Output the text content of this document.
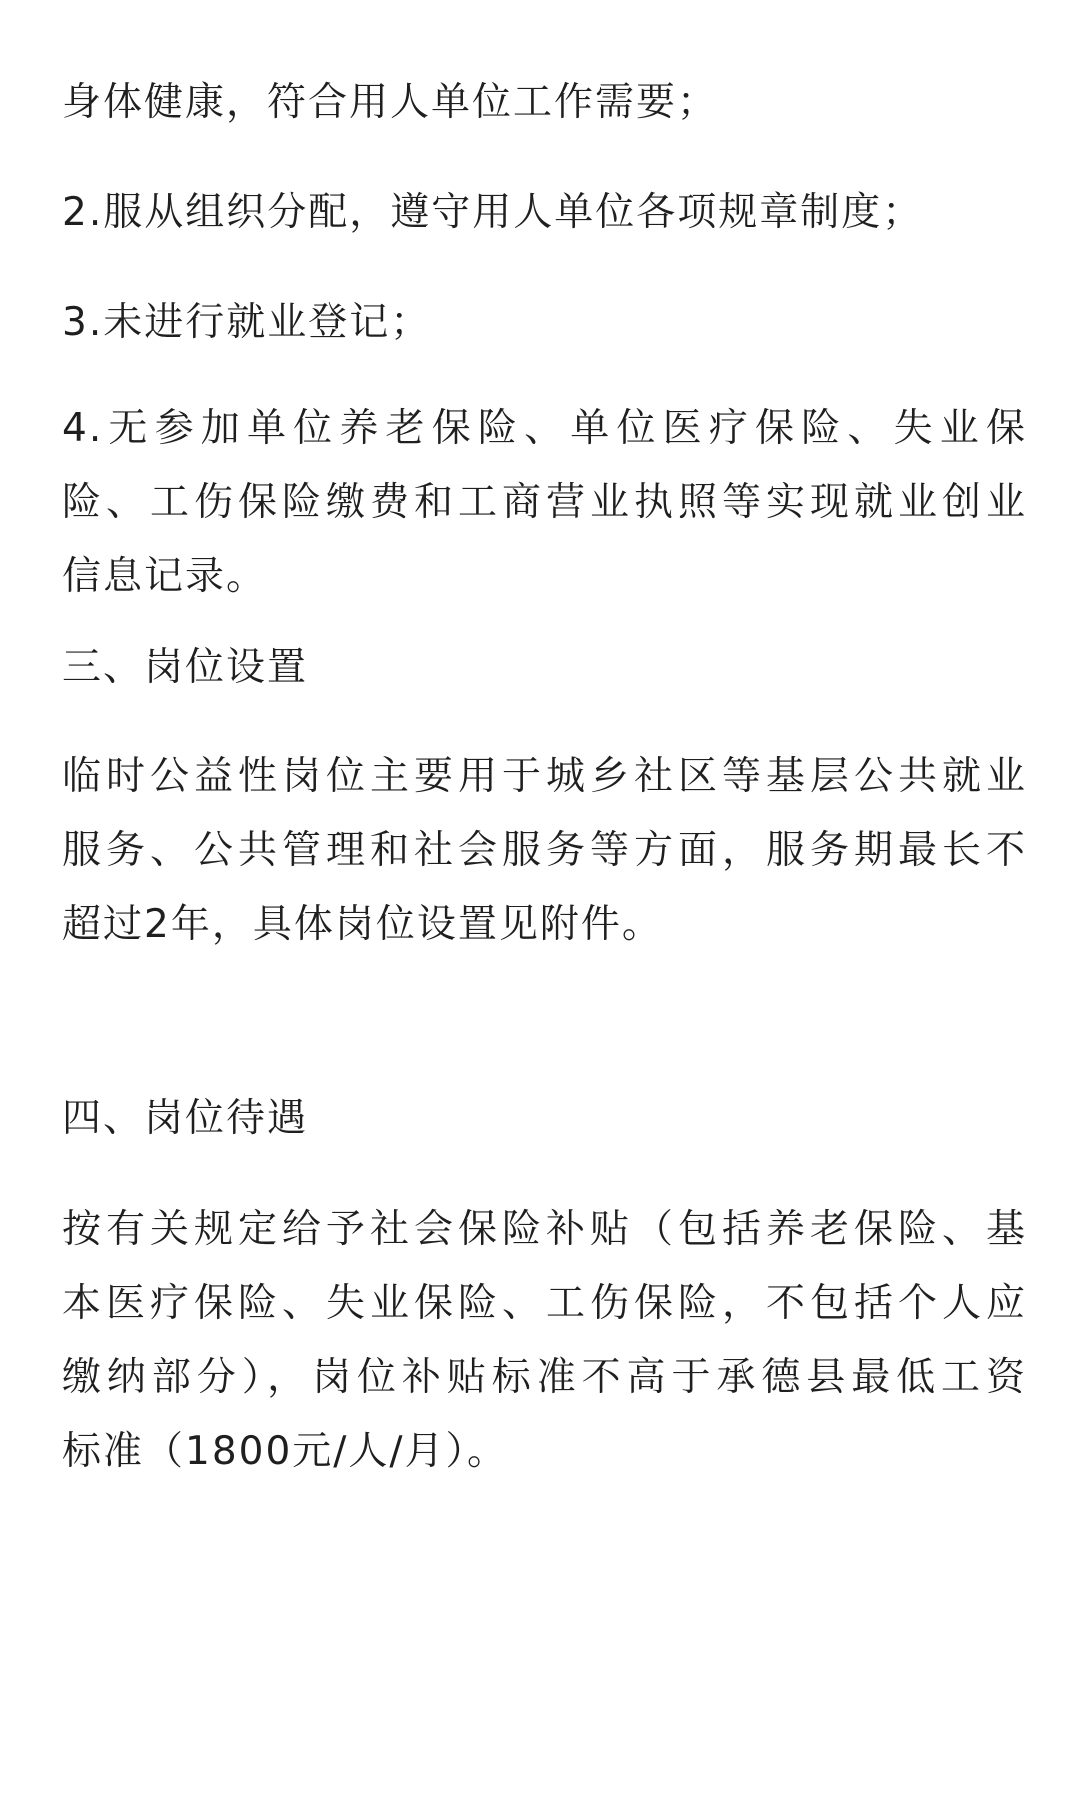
身体健康，符合用人单位工作需要；

2.服从组织分配，遵守用人单位各项规章制度；

3.未进行就业登记；

4.无参加单位养老保险、单位医疗保险、失业保
险、工伤保险缴费和工商营业执照等实现就业创业
信息记录。

三、岗位设置

临时公益性岗位主要用于城乡社区等基层公共就业
服务、公共管理和社会服务等方面，服务期最长不
超过2年，具体岗位设置见附件。

四、岗位待遇

按有关规定给予社会保险补贴（包括养老保险、基
本医疗保险、失业保险、工伤保险，不包括个人应
缴纳部分），岗位补贴标准不高于承德县最低工资
标准（1800元/人/月）。
